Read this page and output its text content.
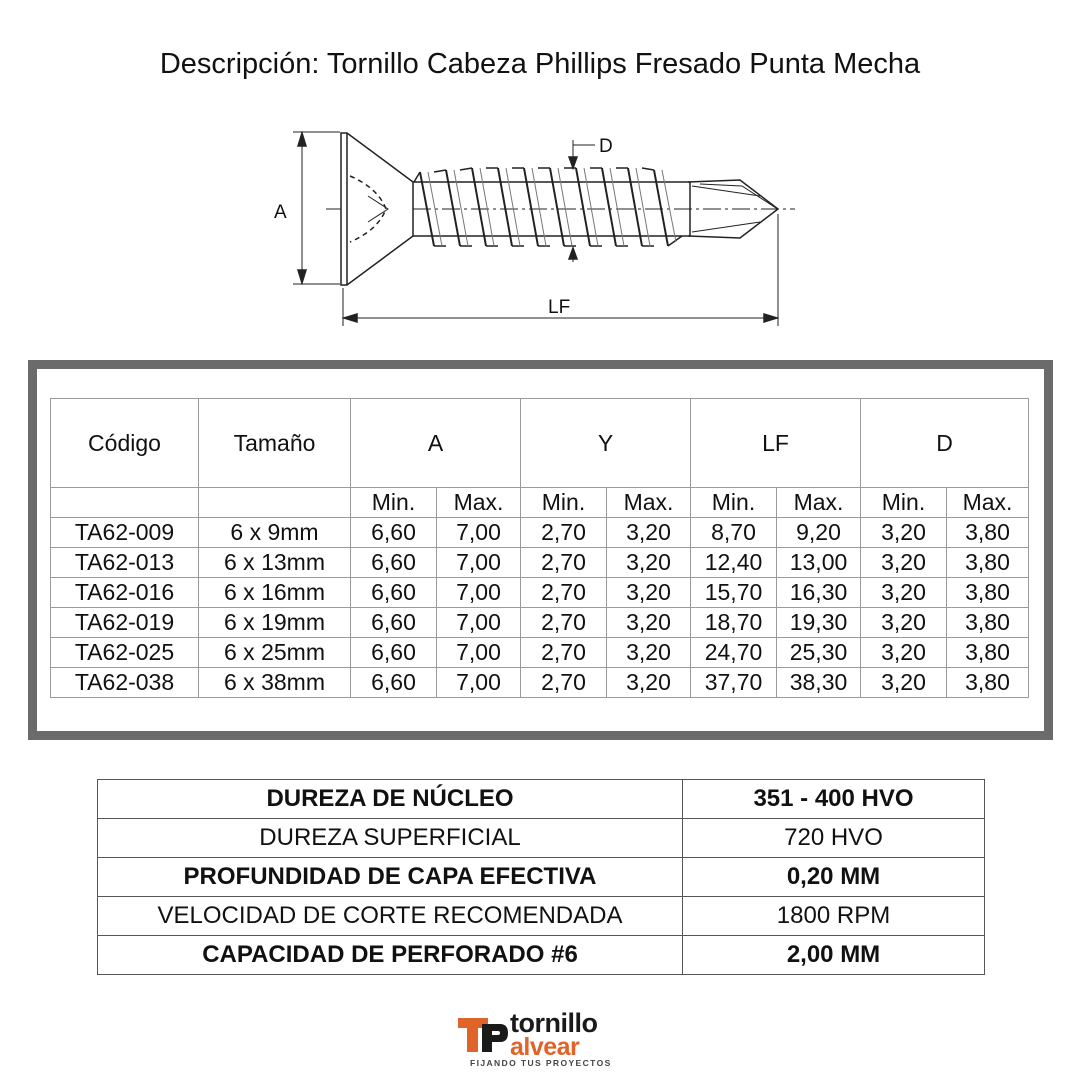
Descripción: Tornillo Cabeza Phillips Fresado Punta Mecha
A
D
LF
Código	Tamaño	A		Y		LF		D	
		Min.	Max.	Min.	Max.	Min.	Max.	Min.	Max.
TA62-009	6 x 9mm	6,60	7,00	2,70	3,20	8,70	9,20	3,20	3,80
TA62-013	6 x 13mm	6,60	7,00	2,70	3,20	12,40	13,00	3,20	3,80
TA62-016	6 x 16mm	6,60	7,00	2,70	3,20	15,70	16,30	3,20	3,80
TA62-019	6 x 19mm	6,60	7,00	2,70	3,20	18,70	19,30	3,20	3,80
TA62-025	6 x 25mm	6,60	7,00	2,70	3,20	24,70	25,30	3,20	3,80
TA62-038	6 x 38mm	6,60	7,00	2,70	3,20	37,70	38,30	3,20	3,80
DUREZA DE NÚCLEO	351 - 400 HVO
DUREZA SUPERFICIAL	720 HVO
PROFUNDIDAD DE CAPA EFECTIVA	0,20 MM
VELOCIDAD DE CORTE RECOMENDADA	1800 RPM
CAPACIDAD DE PERFORADO #6	2,00 MM
tornillo
alvear
FIJANDO TUS PROYECTOS
